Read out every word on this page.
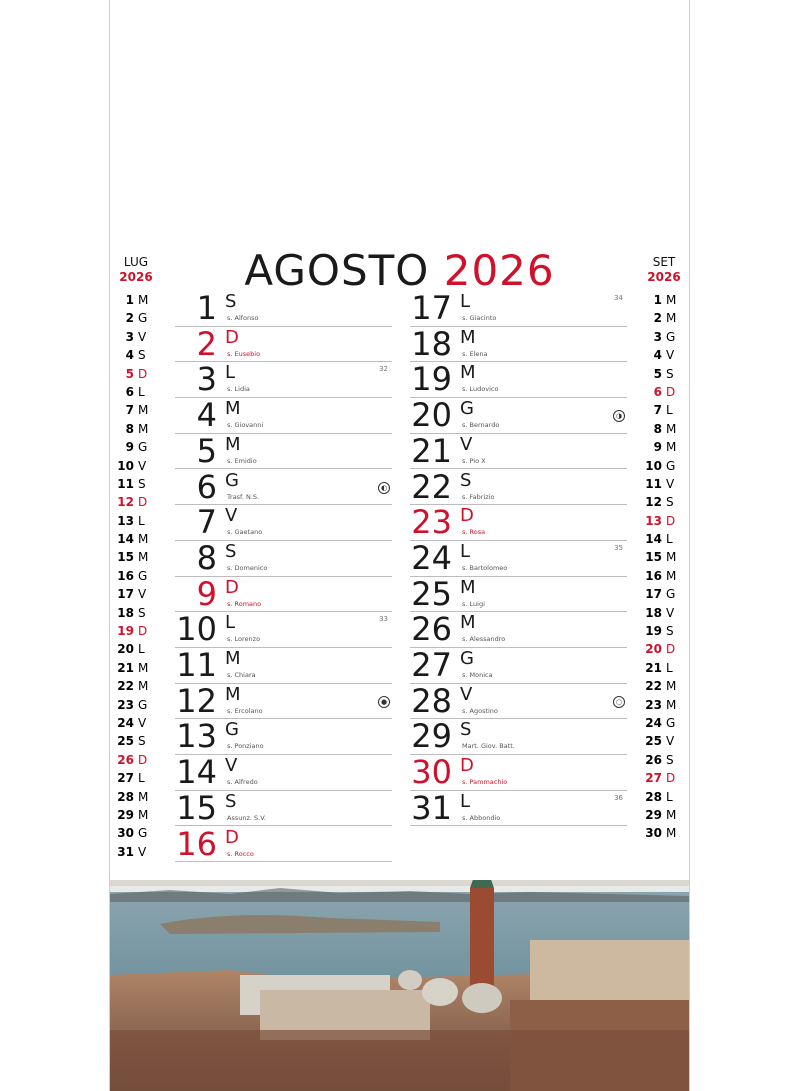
AGOSTO 2026
LUG
2026
1 M
2 G
3 V
4 S
5 D
6 L
7 M
8 M
9 G
10 V
11 S
12 D
13 L
14 M
15 M
16 G
17 V
18 S
19 D
20 L
21 M
22 M
23 G
24 V
25 S
26 D
27 L
28 M
29 M
30 G
31 V
SET
2026
1 M
2 M
3 G
4 V
5 S
6 D
7 L
8 M
9 M
10 G
11 V
12 S
13 D
14 L
15 M
16 M
17 G
18 V
19 S
20 D
21 L
22 M
23 M
24 G
25 V
26 S
27 D
28 L
29 M
30 M
1 S
s. Alfonso
2 D
s. Eusebio
3 L
s. Lidia
32
4 M
s. Giovanni
5 M
s. Emidio
6 G
Trasf. N.S.
◐
7 V
s. Gaetano
8 S
s. Domenico
9 D
s. Romano
10 L
s. Lorenzo
33
11 M
s. Chiara
12 M
s. Ercolano
●
13 G
s. Ponziano
14 V
s. Alfredo
15 S
Assunz. S.V.
16 D
s. Rocco
17 L
s. Giacinto
34
18 M
s. Elena
19 M
s. Ludovico
20 G
s. Bernardo
◑
21 V
s. Pio X
22 S
s. Fabrizio
23 D
s. Rosa
24 L
s. Bartolomeo
35
25 M
s. Luigi
26 M
s. Alessandro
27 G
s. Monica
28 V
s. Agostino
○
29 S
Mart. Giov. Batt.
30 D
s. Pammachio
31 L
s. Abbondio
36
